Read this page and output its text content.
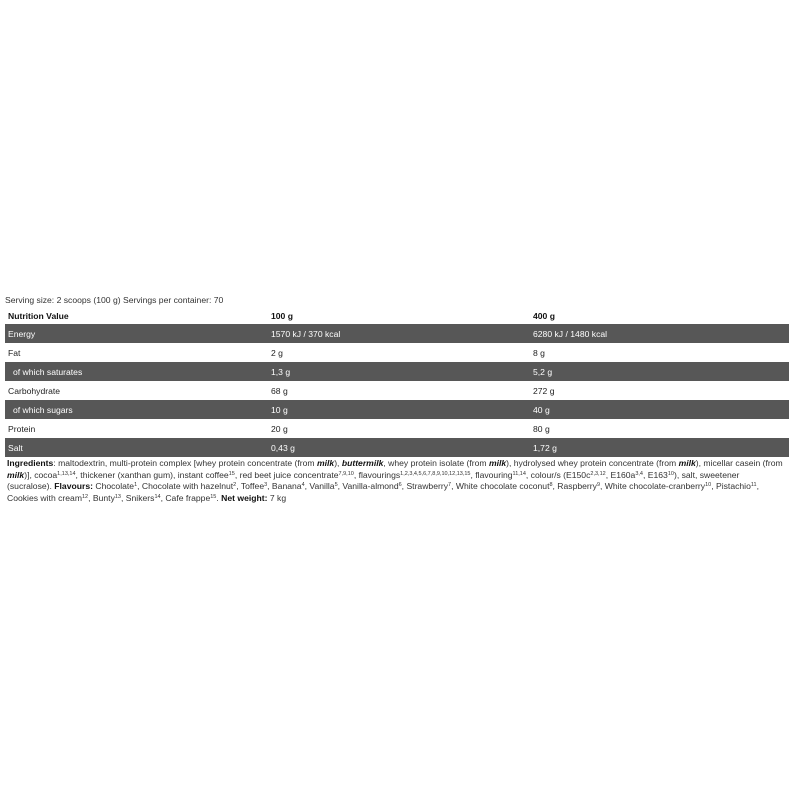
Serving size: 2 scoops (100 g) Servings per container: 70
Nutrition Value	100 g	400 g
Energy	1570 kJ / 370 kcal	6280 kJ / 1480 kcal
Fat	2 g	8 g
of which saturates	1,3 g	5,2 g
Carbohydrate	68 g	272 g
of which sugars	10 g	40 g
Protein	20 g	80 g
Salt	0,43 g	1,72 g
Ingredients: maltodextrin, multi-protein complex [whey protein concentrate (from milk), buttermilk, whey protein isolate (from milk), hydrolysed whey protein concentrate (from milk), micellar casein (from milk)], cocoa$^{1,13,14}$, thickener (xanthan gum), instant coffee$^{15}$, red beet juice concentrate$^{7,9,10}$, flavourings$^{1,2,3,4,5,6,7,8,9,10,12,13,15}$, flavouring$^{11,14}$, colour/s ($E150c^{2,3,12}$, $E160a^{3,4}$, $E163^{10}$), salt, sweetener (sucralose). Flavours: Chocolate$^1$, Chocolate with hazelnut$^2$, Toffee$^3$, Banana$^4$, Vanilla$^5$, Vanilla-almond$^6$, Strawberry$^7$, White chocolate coconut$^8$, Raspberry$^9$, White chocolate-cranberry$^{10}$, Pistachio$^{11}$, Cookies with cream$^{12}$, Bunty$^{13}$, Snikers$^{14}$, Cafe frappe$^{15}$. Net weight: 7 kg
